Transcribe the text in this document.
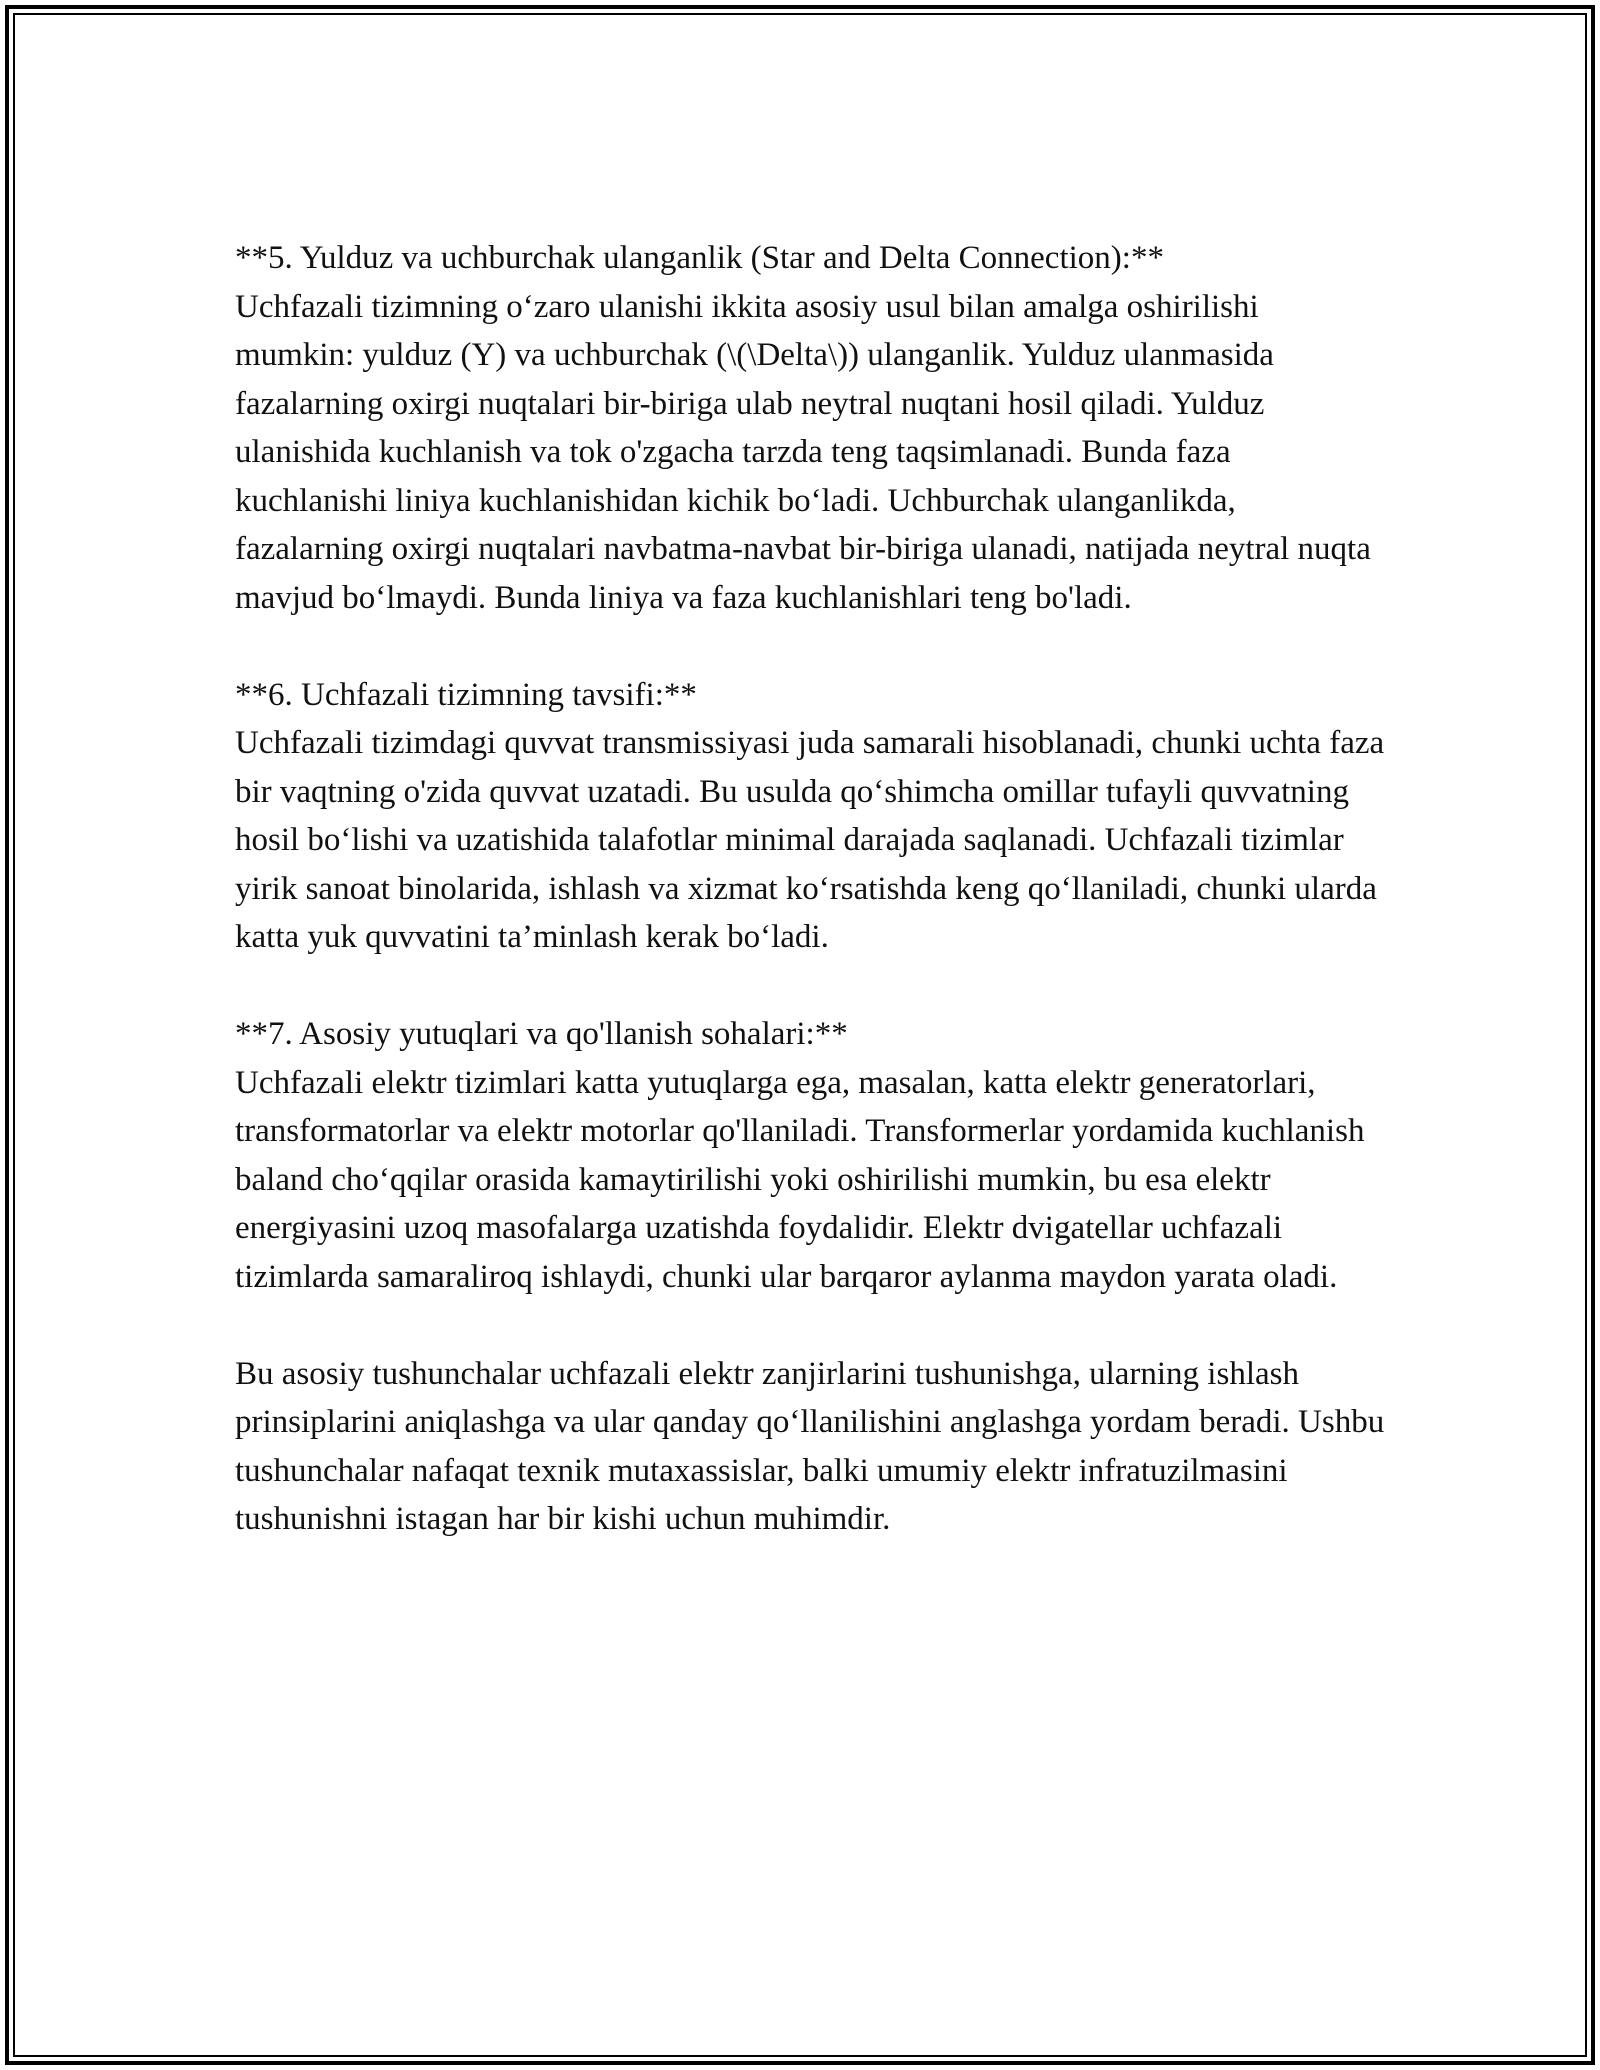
**5. Yulduz va uchburchak ulanganlik (Star and Delta Connection):**

Uchfazali tizimning o‘zaro ulanishi ikkita asosiy usul bilan amalga oshirilishi mumkin: yulduz (Y) va uchburchak (\(\Delta\)) ulanganlik. Yulduz ulanmasida fazalarning oxirgi nuqtalari bir-biriga ulab neytral nuqtani hosil qiladi. Yulduz ulanishida kuchlanish va tok o'zgacha tarzda teng taqsimlanadi. Bunda faza kuchlanishi liniya kuchlanishidan kichik bo‘ladi. Uchburchak ulanganlikda, fazalarning oxirgi nuqtalari navbatma-navbat bir-biriga ulanadi, natijada neytral nuqta mavjud bo‘lmaydi. Bunda liniya va faza kuchlanishlari teng bo'ladi.

**6. Uchfazali tizimning tavsifi:**

Uchfazali tizimdagi quvvat transmissiyasi juda samarali hisoblanadi, chunki uchta faza bir vaqtning o'zida quvvat uzatadi. Bu usulda qo‘shimcha omillar tufayli quvvatning hosil bo‘lishi va uzatishida talafotlar minimal darajada saqlanadi. Uchfazali tizimlar yirik sanoat binolarida, ishlash va xizmat ko‘rsatishda keng qo‘llaniladi, chunki ularda katta yuk quvvatini ta’minlash kerak bo‘ladi.

**7. Asosiy yutuqlari va qo'llanish sohalari:**

Uchfazali elektr tizimlari katta yutuqlarga ega, masalan, katta elektr generatorlari, transformatorlar va elektr motorlar qo'llaniladi. Transformerlar yordamida kuchlanish baland cho‘qqilar orasida kamaytirilishi yoki oshirilishi mumkin, bu esa elektr energiyasini uzoq masofalarga uzatishda foydalidir. Elektr dvigatellar uchfazali tizimlarda samaraliroq ishlaydi, chunki ular barqaror aylanma maydon yarata oladi.

Bu asosiy tushunchalar uchfazali elektr zanjirlarini tushunishga, ularning ishlash prinsiplarini aniqlashga va ular qanday qo‘llanilishini anglashga yordam beradi. Ushbu tushunchalar nafaqat texnik mutaxassislar, balki umumiy elektr infratuzilmasini tushunishni istagan har bir kishi uchun muhimdir.
